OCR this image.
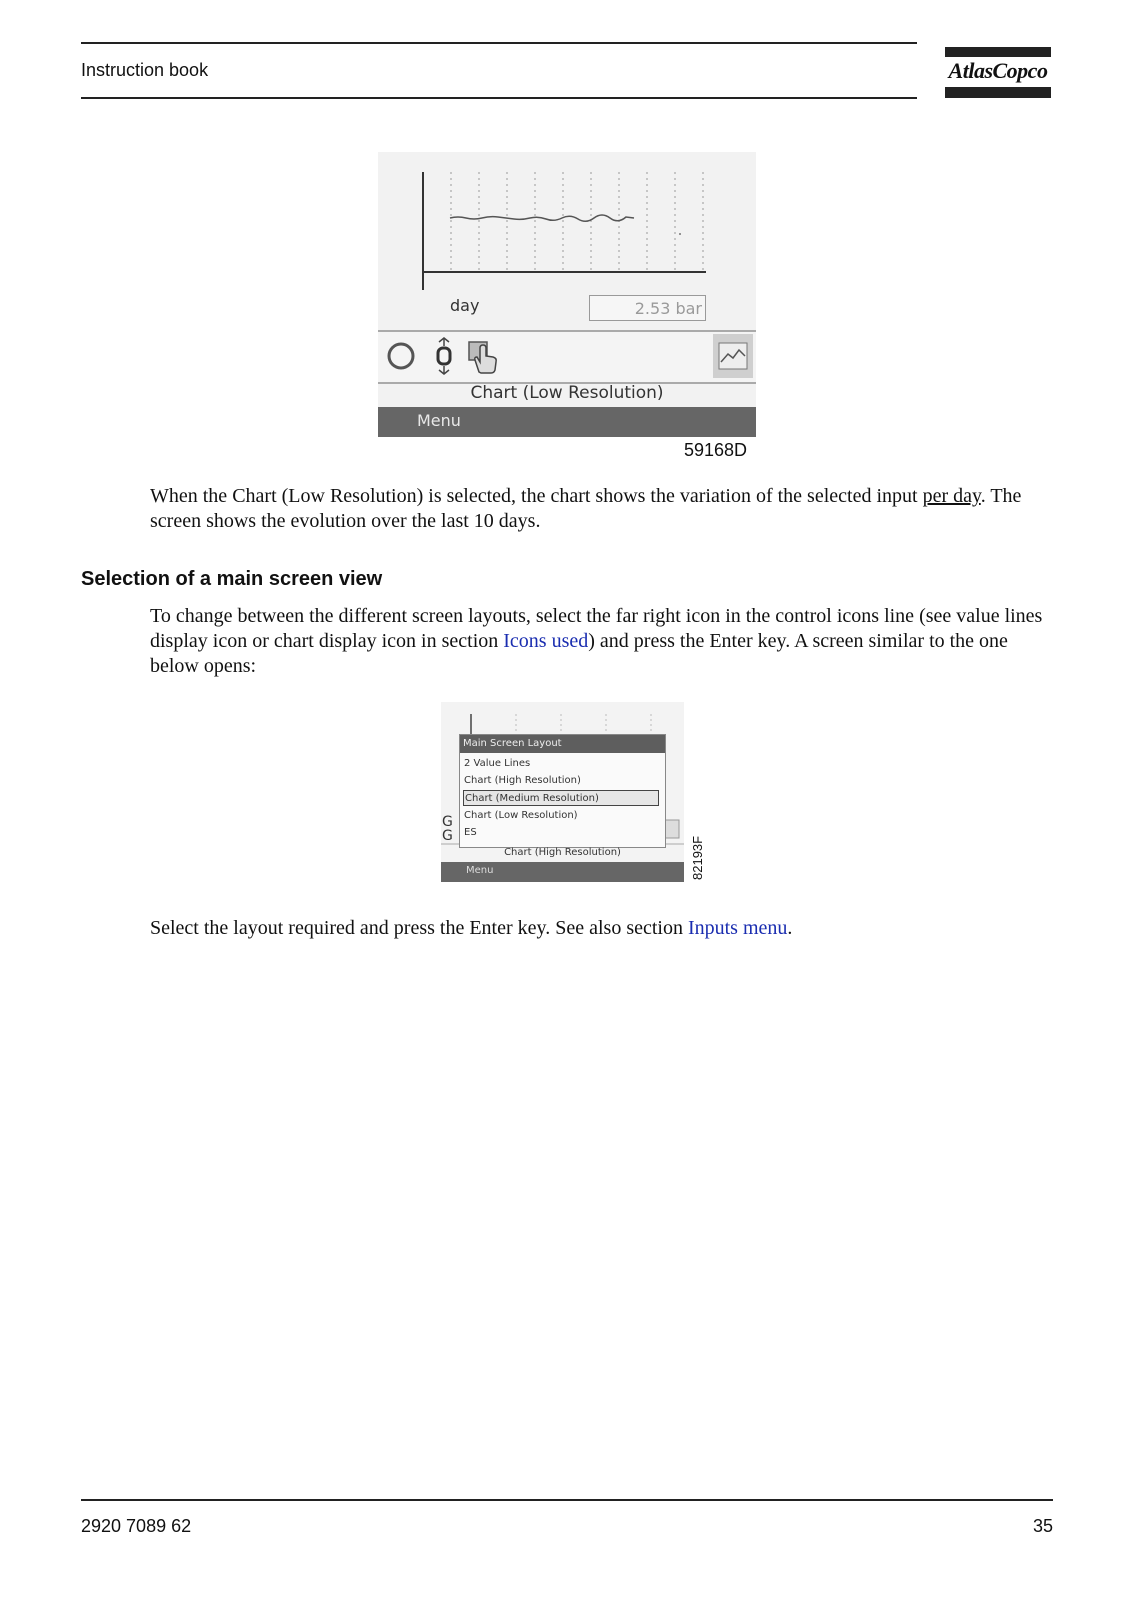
Instruction book	AtlasCopco
day	2.53 bar
Chart (Low Resolution)
Menu
59168D
When the Chart (Low Resolution) is selected, the chart shows the variation of the selected input per day. The screen shows the evolution over the last 10 days.
Selection of a main screen view
To change between the different screen layouts, select the far right icon in the control icons line (see value lines display icon or chart display icon in section Icons used) and press the Enter key. A screen similar to the one below opens:
G
G
Main Screen Layout
2 Value Lines
Chart (High Resolution)
Chart (Medium Resolution)
Chart (Low Resolution)
ES
Chart (High Resolution)
Menu	82193F
Select the layout required and press the Enter key. See also section Inputs menu.
2920 7089 62	35
